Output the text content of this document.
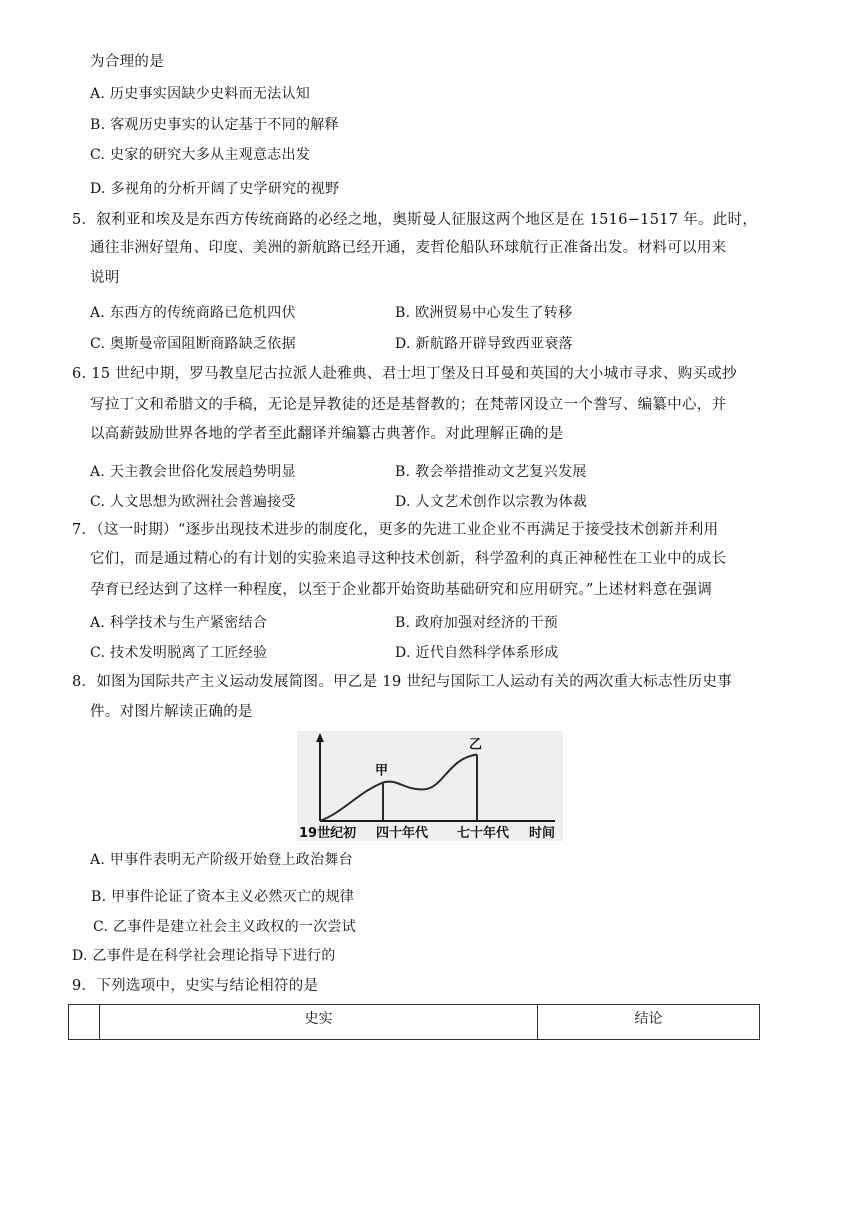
为合理的是
A. 历史事实因缺少史料而无法认知
B. 客观历史事实的认定基于不同的解释
C. 史家的研究大多从主观意志出发
D. 多视角的分析开阔了史学研究的视野
5．叙利亚和埃及是东西方传统商路的必经之地，奥斯曼人征服这两个地区是在 1516−1517 年。此时，
通往非洲好望角、印度、美洲的新航路已经开通，麦哲伦船队环球航行正准备出发。材料可以用来
说明
A. 东西方的传统商路已危机四伏	B. 欧洲贸易中心发生了转移
C. 奥斯曼帝国阻断商路缺乏依据	D. 新航路开辟导致西亚衰落
6. 15 世纪中期，罗马教皇尼古拉派人赴雅典、君士坦丁堡及日耳曼和英国的大小城市寻求、购买或抄
写拉丁文和希腊文的手稿，无论是异教徒的还是基督教的；在梵蒂冈设立一个誊写、编纂中心，并
以高薪鼓励世界各地的学者至此翻译并编纂古典著作。对此理解正确的是
A. 天主教会世俗化发展趋势明显	B. 教会举措推动文艺复兴发展
C. 人文思想为欧洲社会普遍接受	D. 人文艺术创作以宗教为体裁
7．（这一时期）“逐步出现技术进步的制度化，更多的先进工业企业不再满足于接受技术创新并利用
它们，而是通过精心的有计划的实验来追寻这种技术创新，科学盈利的真正神秘性在工业中的成长
孕育已经达到了这样一种程度，以至于企业都开始资助基础研究和应用研究。”上述材料意在强调
A. 科学技术与生产紧密结合	B. 政府加强对经济的干预
C. 技术发明脱离了工匠经验	D. 近代自然科学体系形成
8．如图为国际共产主义运动发展简图。甲乙是 19 世纪与国际工人运动有关的两次重大标志性历史事
件。对图片解读正确的是
甲
乙
19世纪初 四十年代 七十年代 时间
A. 甲事件表明无产阶级开始登上政治舞台
B. 甲事件论证了资本主义必然灭亡的规律
C. 乙事件是建立社会主义政权的一次尝试
D. 乙事件是在科学社会理论指导下进行的
9．下列选项中，史实与结论相符的是
	史实	结论
